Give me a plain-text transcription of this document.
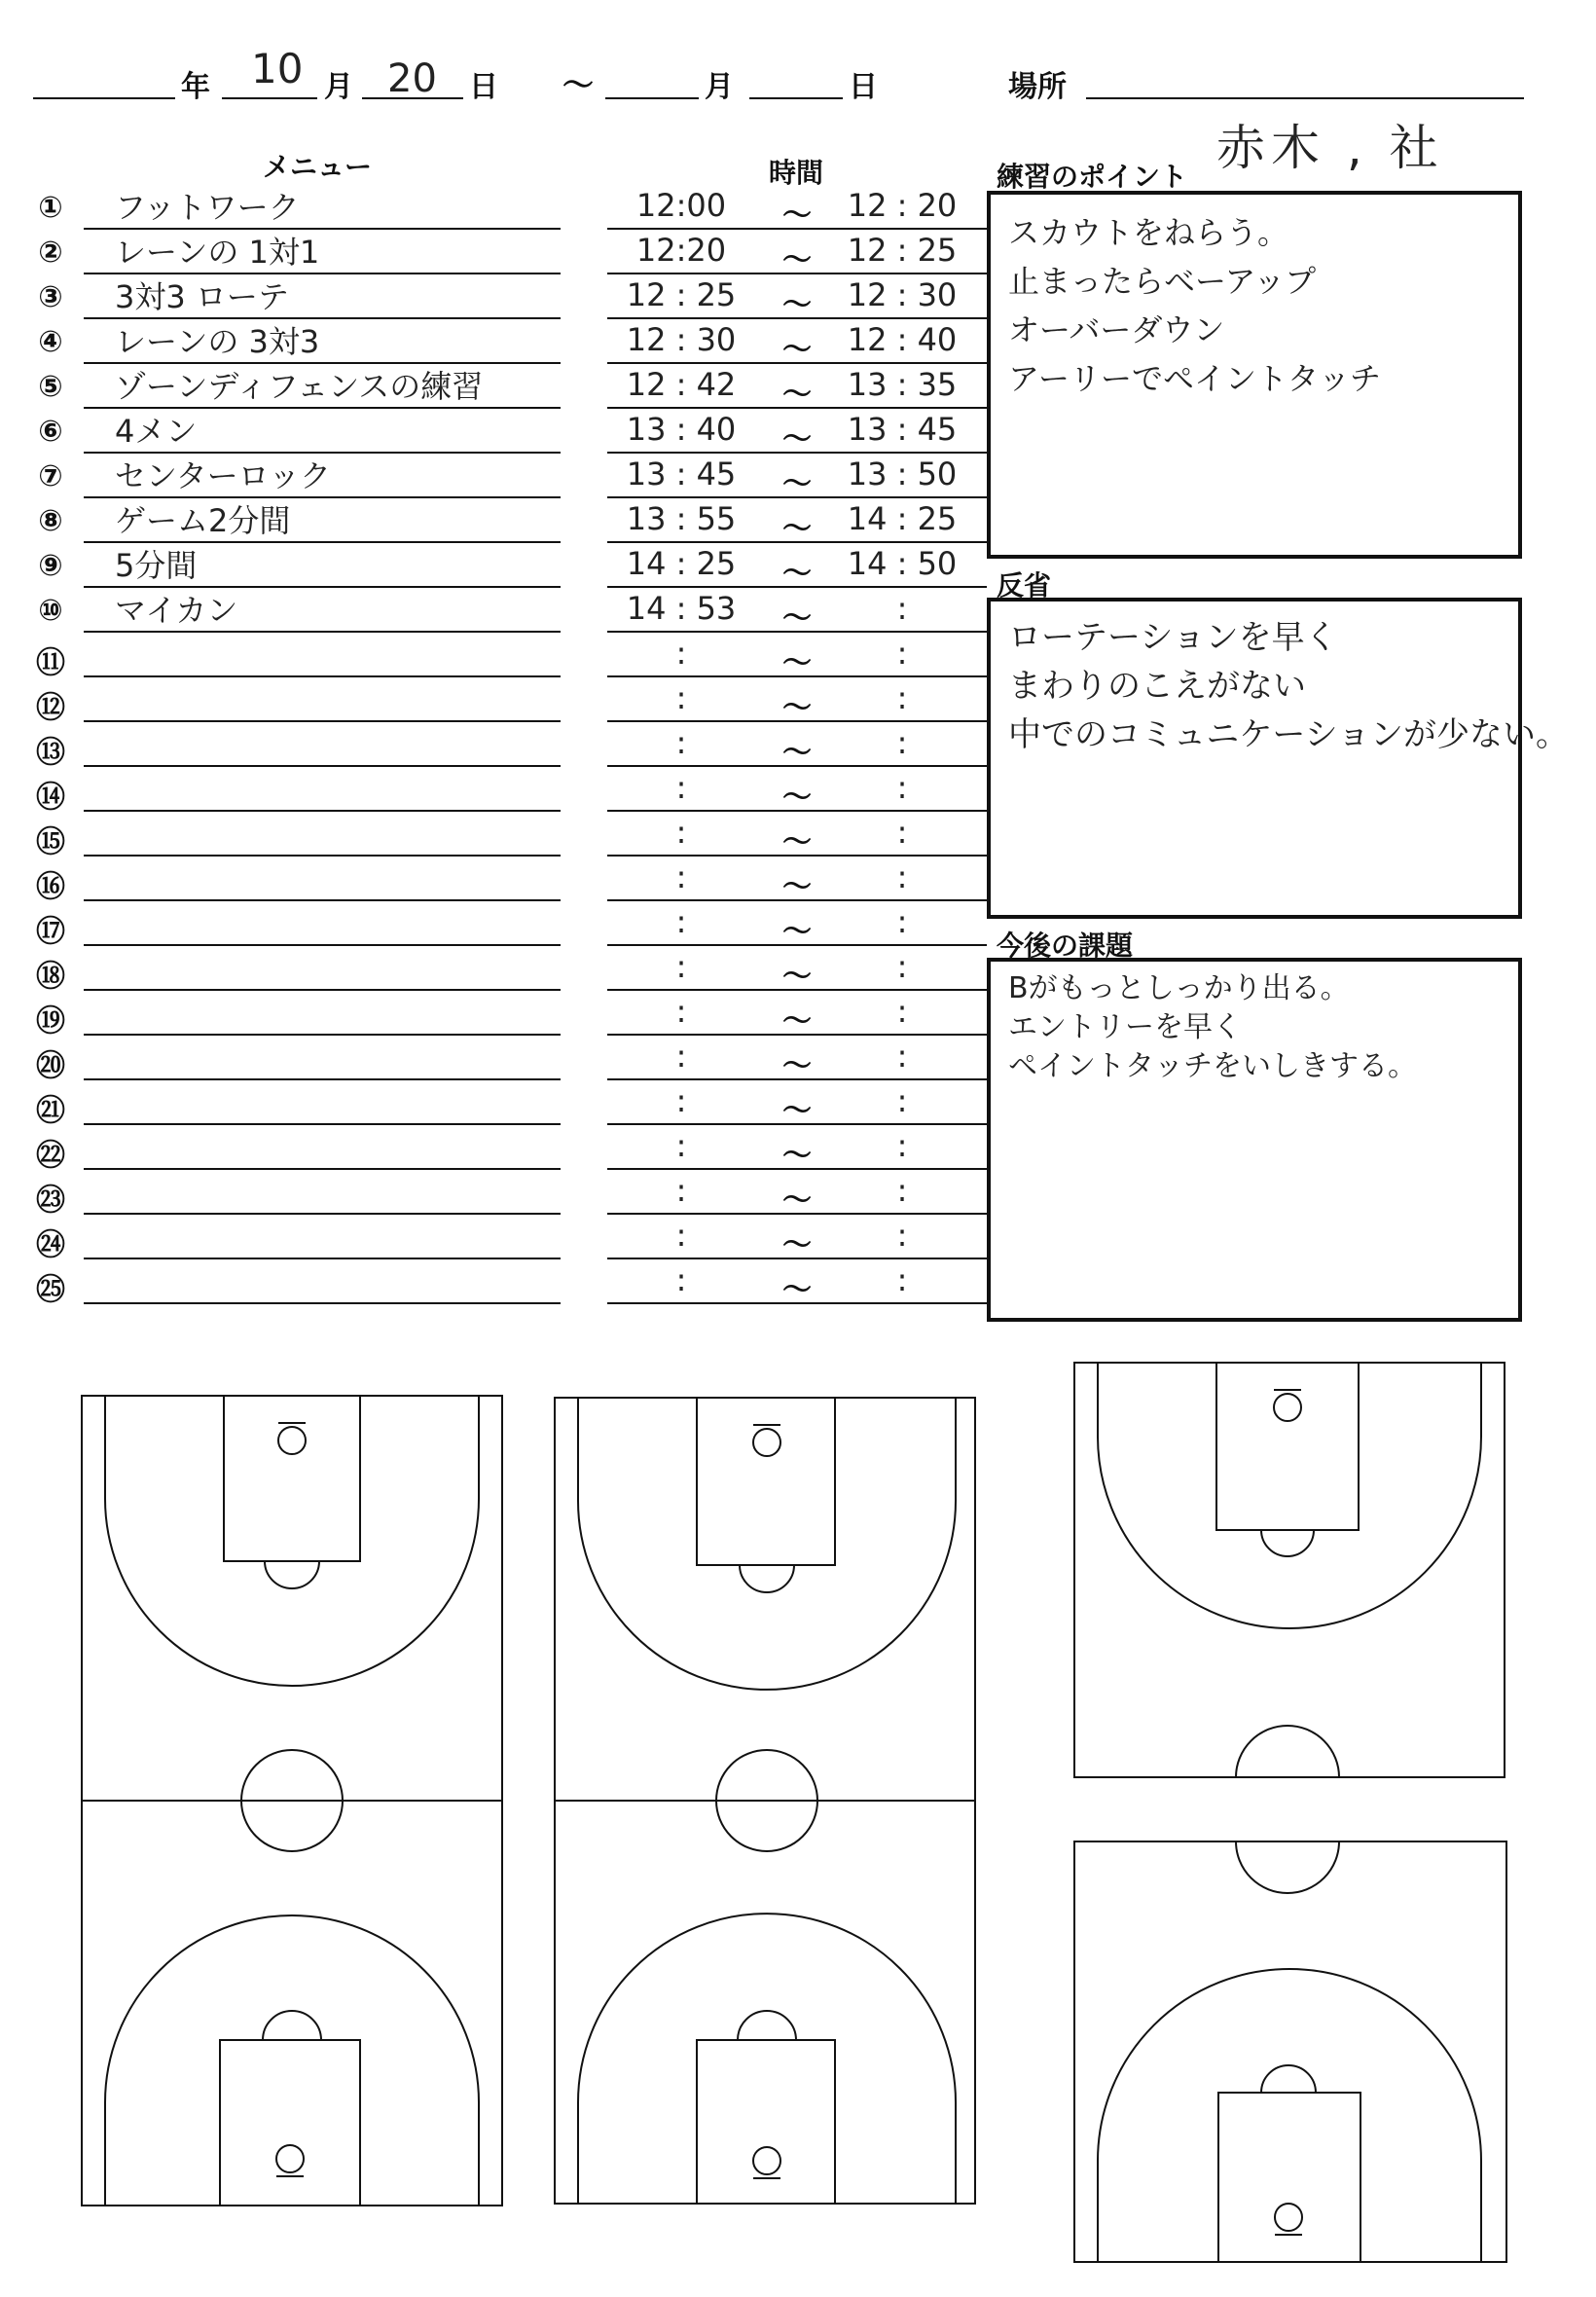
年 10 月 20 日 ～	月	日	場所
赤木 , 社
メニュー	時間	練習のポイント
① フットワーク	12:00	～	12 : 20
② レーンの 1対1	12:20	～	12 : 25
③ 3対3 ローテ	12 : 25	～	12 : 30
④ レーンの 3対3	12 : 30	～	12 : 40
⑤ ゾーンディフェンスの練習	12 : 42	～	13 : 35
⑥ 4メン	13 : 40	～	13 : 45
⑦ センターロック	13 : 45	～	13 : 50
⑧ ゲーム2分間	13 : 55	～	14 : 25
⑨ 5分間	14 : 25	～	14 : 50
⑩ マイカン	14 : 53	～	:
⑪	:	～	:
⑫	:	～	:
⑬	:	～	:
⑭	:	～	:
⑮	:	～	:
⑯	:	～	:
⑰	:	～	:
⑱	:	～	:
⑲	:	～	:
⑳	:	～	:
㉑	:	～	:
㉒	:	～	:
㉓	:	～	:
㉔	:	～	:
㉕	:	～	:
スカウトをねらう。
止まったらベーアップ
オーバーダウン
アーリーでペイントタッチ
反省
ローテーションを早く
まわりのこえがない
中でのコミュニケーションが少ない。
今後の課題
Bがもっとしっかり出る。
エントリーを早く
ペイントタッチをいしきする。
